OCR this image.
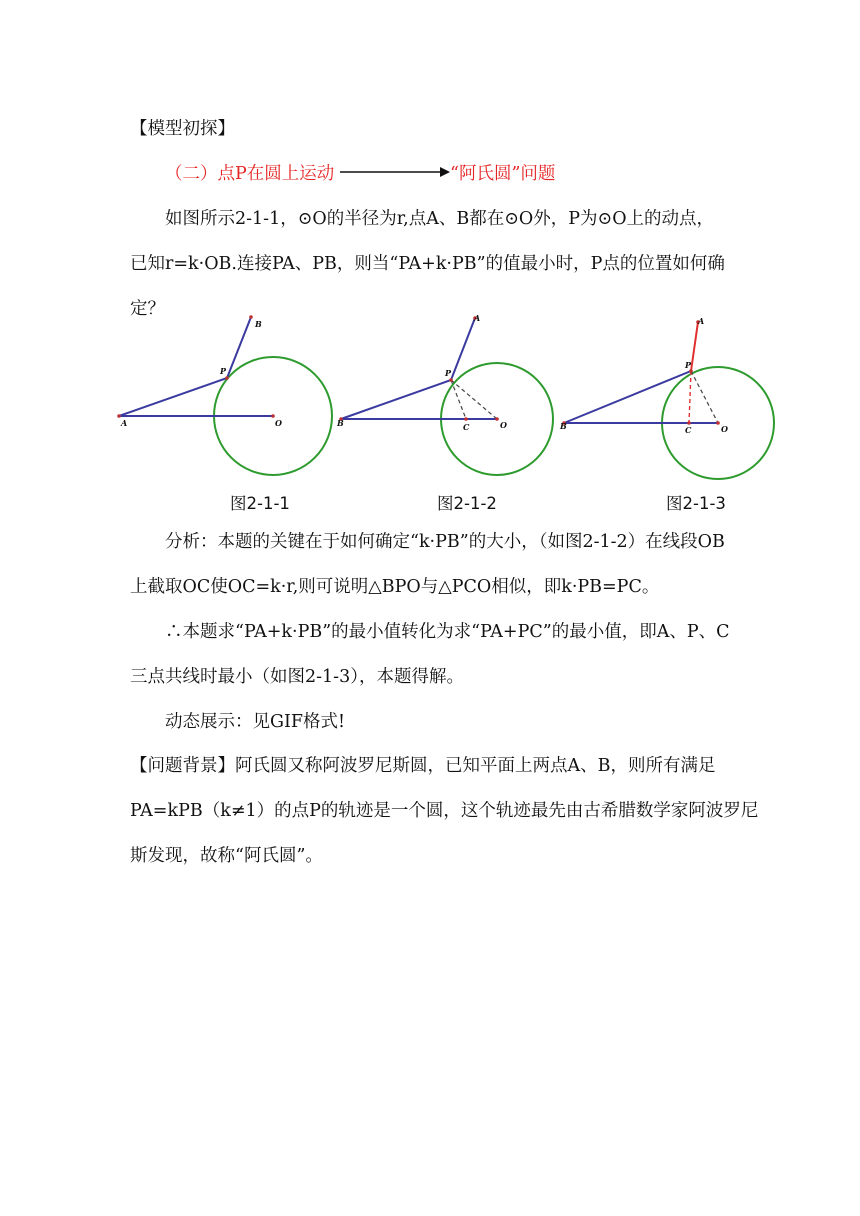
【模型初探】
（二）点P在圆上运动	“阿氏圆”问题
如图所示2-1-1，⊙O的半径为r,点A、B都在⊙O外，P为⊙O上的动点，
已知r=k·OB.连接PA、PB，则当“PA+k·PB”的值最小时，P点的位置如何确
定？
B
P
A	O
A
P
B	C	O
A
P
B	C	O
图2-1-1	图2-1-2	图2-1-3
分析：本题的关键在于如何确定“k·PB”的大小，（如图2-1-2）在线段OB
上截取OC使OC=k·r,则可说明△BPO与△PCO相似，即k·PB=PC。
∴本题求“PA+k·PB”的最小值转化为求“PA+PC”的最小值，即A、P、C
三点共线时最小（如图2-1-3），本题得解。
动态展示：见GIF格式!
【问题背景】阿氏圆又称阿波罗尼斯圆，已知平面上两点A、B，则所有满足
PA=kPB（k≠1）的点P的轨迹是一个圆，这个轨迹最先由古希腊数学家阿波罗尼
斯发现，故称“阿氏圆”。
